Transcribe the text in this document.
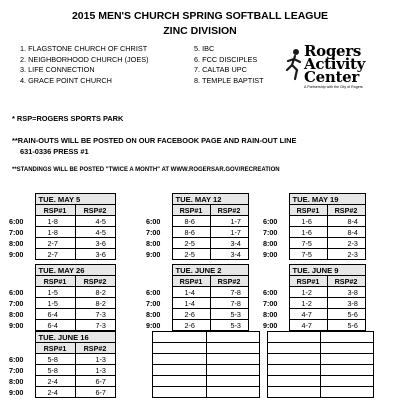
2015 MEN'S CHURCH SPRING SOFTBALL LEAGUE
ZINC DIVISION
1. FLAGSTONE CHURCH OF CHRIST
2. NEIGHBORHOOD CHURCH (JOES)
3. LIFE CONNECTION
4. GRACE POINT CHURCH
5. IBC
6. FCC DISCIPLES
7. CALTAB UPC
8. TEMPLE BAPTIST
Rogers
Activity
Center
A Partnership with the City of Rogers
* RSP=ROGERS SPORTS PARK
**RAIN-OUTS WILL BE POSTED ON OUR FACEBOOK PAGE AND RAIN-OUT LINE
631-0336 PRESS #1
**STANDINGS WILL BE POSTED "TWICE A MONTH" AT WWW.ROGERSAR.GOV/RECREATION
	TUE. MAY 5	
	RSP#1	RSP#2
6:00	1-8	4-5
7:00	1-8	4-5
8:00	2-7	3-6
9:00	2-7	3-6
	TUE. MAY 12	
	RSP#1	RSP#2
6:00	8-6	1-7
7:00	8-6	1-7
8:00	2-5	3-4
9:00	2-5	3-4
	TUE. MAY 19	
	RSP#1	RSP#2
6:00	1-6	8-4
7:00	1-6	8-4
8:00	7-5	2-3
9:00	7-5	2-3
	TUE. MAY 26	
	RSP#1	RSP#2
6:00	1-5	8-2
7:00	1-5	8-2
8:00	6-4	7-3
9:00	6-4	7-3
	TUE. JUNE 2	
	RSP#1	RSP#2
6:00	1-4	7-8
7:00	1-4	7-8
8:00	2-6	5-3
9:00	2-6	5-3
	TUE. JUNE 9	
	RSP#1	RSP#2
6:00	1-2	3-8
7:00	1-2	3-8
8:00	4-7	5-6
9:00	4-7	5-6
	TUE. JUNE 16	
	RSP#1	RSP#2
6:00	5-8	1-3
7:00	5-8	1-3
8:00	2-4	6-7
9:00	2-4	6-7
